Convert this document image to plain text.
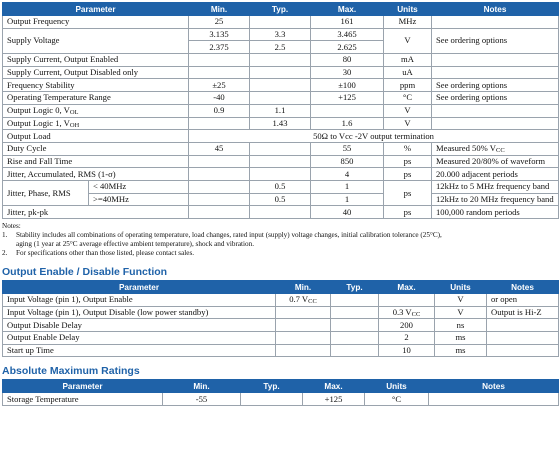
Parameter		Min.	Typ.	Max.	Units	Notes
Output Frequency		25		161	MHz	
Supply Voltage		3.135	3.3	3.465	V	See ordering options
		2.375	2.5	2.625		
Supply Current, Output Enabled				80	mA	
Supply Current, Output Disabled only				30	uA	
Frequency Stability		±25		±100	ppm	See ordering options
Operating Temperature Range		-40		+125	°C	See ordering options
Output Logic 0, $V_{OL}$		0.9	1.1		V	
Output Logic 1, $V_{OH}$			1.43	1.6	V	
Output Load		50Ω to Vcc -2V output termination				
Duty Cycle		45		55	%	Measured 50% $V_{CC}$
Rise and Fall Time				850	ps	Measured 20/80% of waveform
Jitter, Accumulated, RMS (1-σ)				4	ps	20.000 adjacent periods
Jitter, Phase, RMS	< 40MHz		0.5	1	ps	12kHz to 5 MHz frequency band
	>=40MHz		0.5	1		12kHz to 20 MHz frequency band
Jitter, pk-pk				40	ps	100,000 random periods
Notes:
1.	Stability includes all combinations of operating temperature, load changes, rated input (supply) voltage changes, initial calibration tolerance (25°C),
aging (1 year at 25°C average effective ambient temperature), shock and vibration.
2.	For specifications other than those listed, please contact sales.
Output Enable / Disable Function
Parameter	Min.	Typ.	Max.	Units	Notes
Input Voltage (pin 1), Output Enable	0.7 $V_{CC}$			V	or open
Input Voltage (pin 1), Output Disable (low power standby)			0.3 $V_{CC}$	V	Output is Hi-Z
Output Disable Delay			200	ns	
Output Enable Delay			2	ms	
Start up Time			10	ms	
Absolute Maximum Ratings
Parameter	Min.	Typ.	Max.	Units	Notes
Storage Temperature	-55		+125	°C	
